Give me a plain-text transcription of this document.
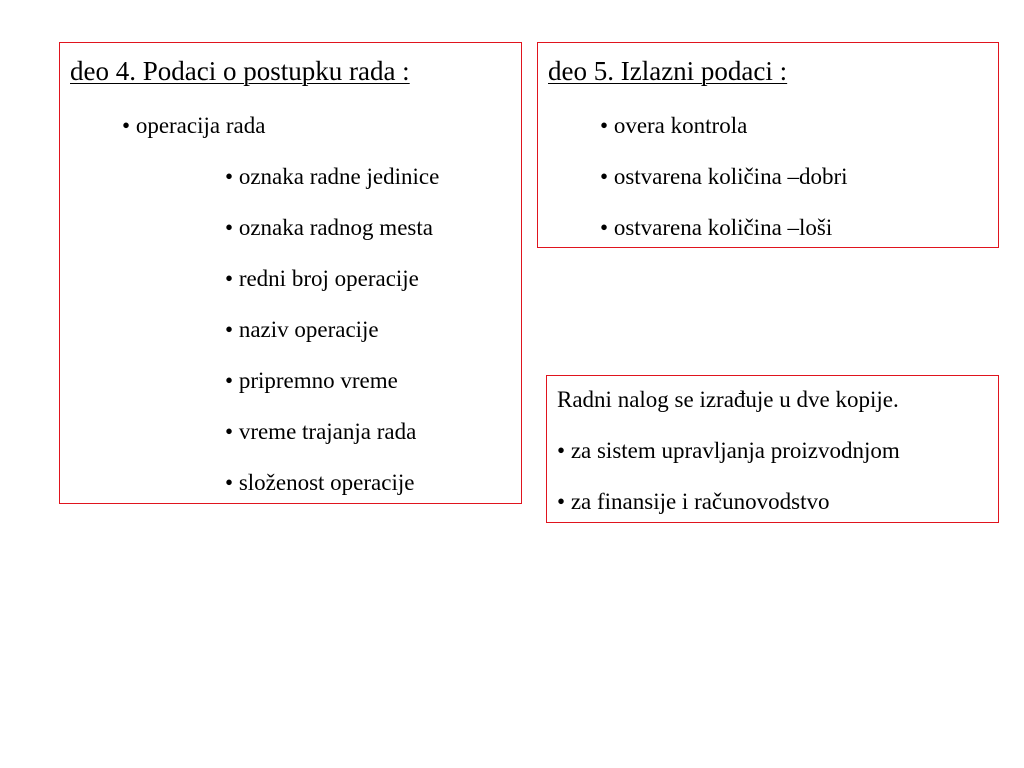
deo 4. Podaci o postupku rada :
• operacija rada
• oznaka radne jedinice
• oznaka radnog mesta
• redni broj operacije
• naziv operacije
• pripremno vreme
• vreme trajanja rada
• složenost operacije
deo 5. Izlazni podaci :
• overa kontrola
• ostvarena količina –dobri
• ostvarena količina –loši
Radni nalog se izrađuje u dve kopije.
• za sistem upravljanja proizvodnjom
• za finansije i računovodstvo
